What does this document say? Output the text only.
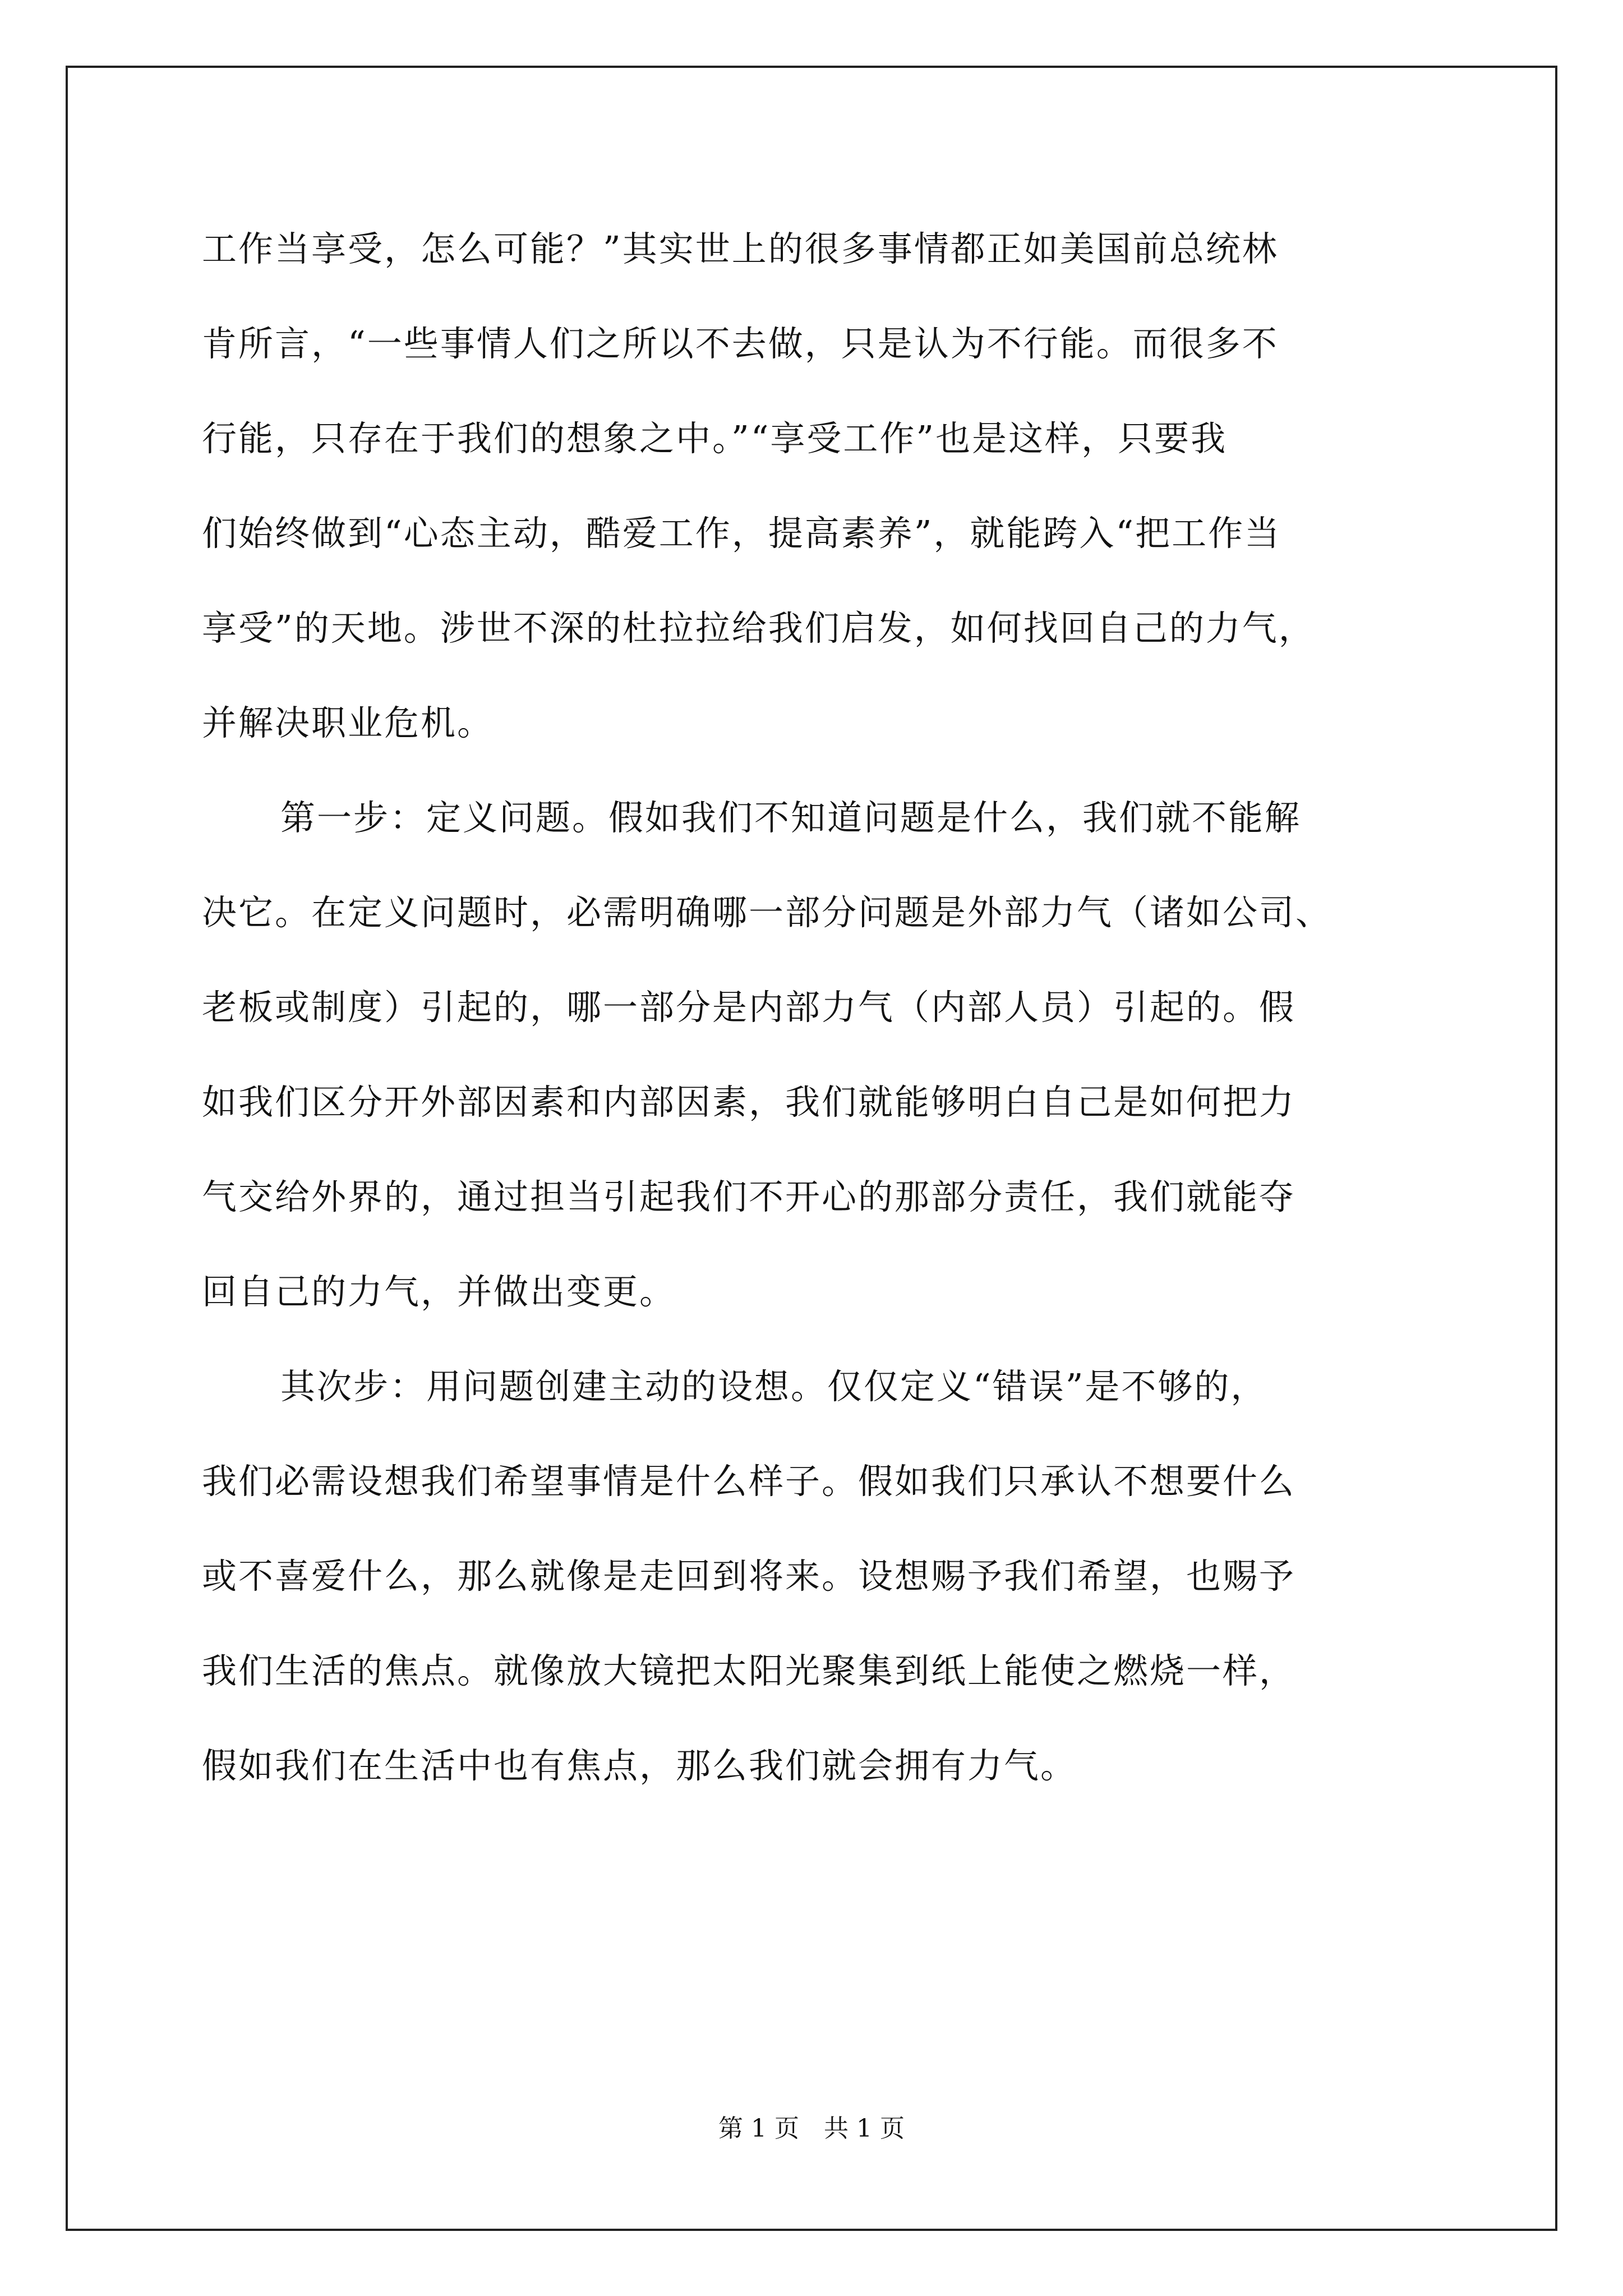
工作当享受，怎么可能？”其实世上的很多事情都正如美国前总统林
肯所言，“一些事情人们之所以不去做，只是认为不行能。而很多不
行能，只存在于我们的想象之中。”“享受工作”也是这样，只要我
们始终做到“心态主动，酷爱工作，提高素养”，就能跨入“把工作当
享受”的天地。涉世不深的杜拉拉给我们启发，如何找回自己的力气，
并解决职业危机。
第一步：定义问题。假如我们不知道问题是什么，我们就不能解
决它。在定义问题时，必需明确哪一部分问题是外部力气（诸如公司、
老板或制度）引起的，哪一部分是内部力气（内部人员）引起的。假
如我们区分开外部因素和内部因素，我们就能够明白自己是如何把力
气交给外界的，通过担当引起我们不开心的那部分责任，我们就能夺
回自己的力气，并做出变更。
其次步：用问题创建主动的设想。仅仅定义“错误”是不够的，
我们必需设想我们希望事情是什么样子。假如我们只承认不想要什么
或不喜爱什么，那么就像是走回到将来。设想赐予我们希望，也赐予
我们生活的焦点。就像放大镜把太阳光聚集到纸上能使之燃烧一样，
假如我们在生活中也有焦点，那么我们就会拥有力气。
第 1 页　共 1 页
